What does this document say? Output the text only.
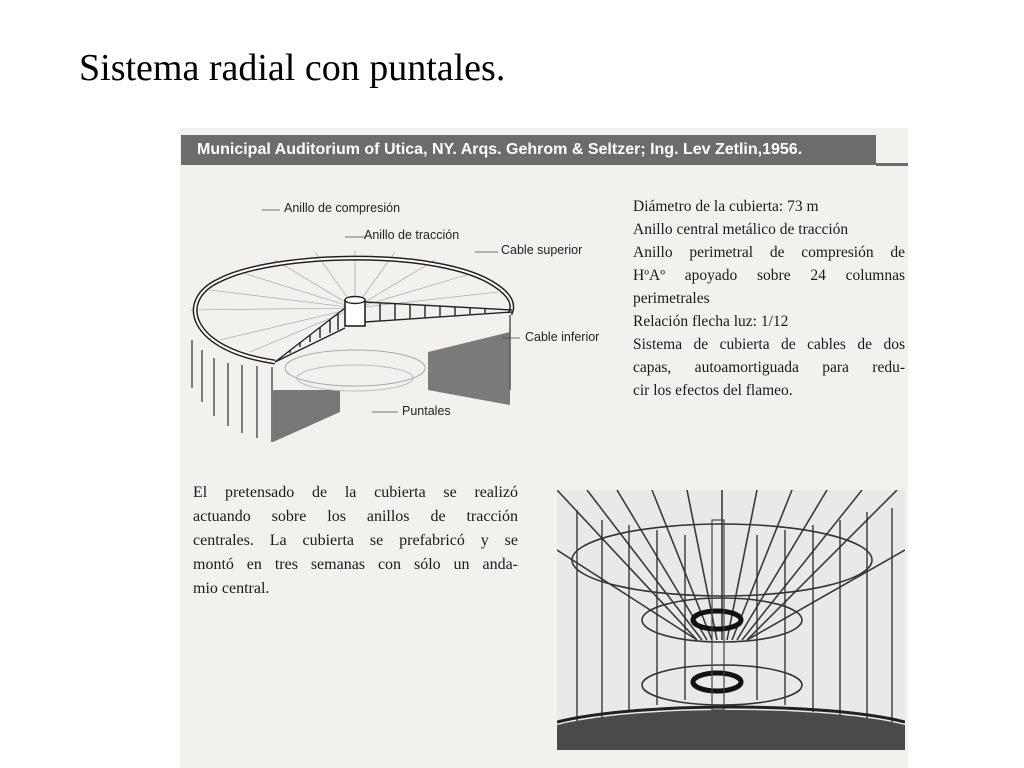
Sistema radial con puntales.
Municipal Auditorium of Utica, NY. Arqs. Gehrom & Seltzer; Ing. Lev Zetlin,1956.
Anillo de compresión
Anillo de tracción
Cable superior
Cable inferior
Puntales
Diámetro de la cubierta: 73 m
Anillo central metálico de tracción
Anillo perimetral de compresión de
HºAº apoyado sobre 24 columnas
perimetrales
Relación flecha luz: 1/12
Sistema de cubierta de cables de dos
capas, autoamortiguada para redu-
cir los efectos del flameo.
El pretensado de la cubierta se realizó
actuando sobre los anillos de tracción
centrales. La cubierta se prefabricó y se
montó en tres semanas con sólo un anda-
mio central.
